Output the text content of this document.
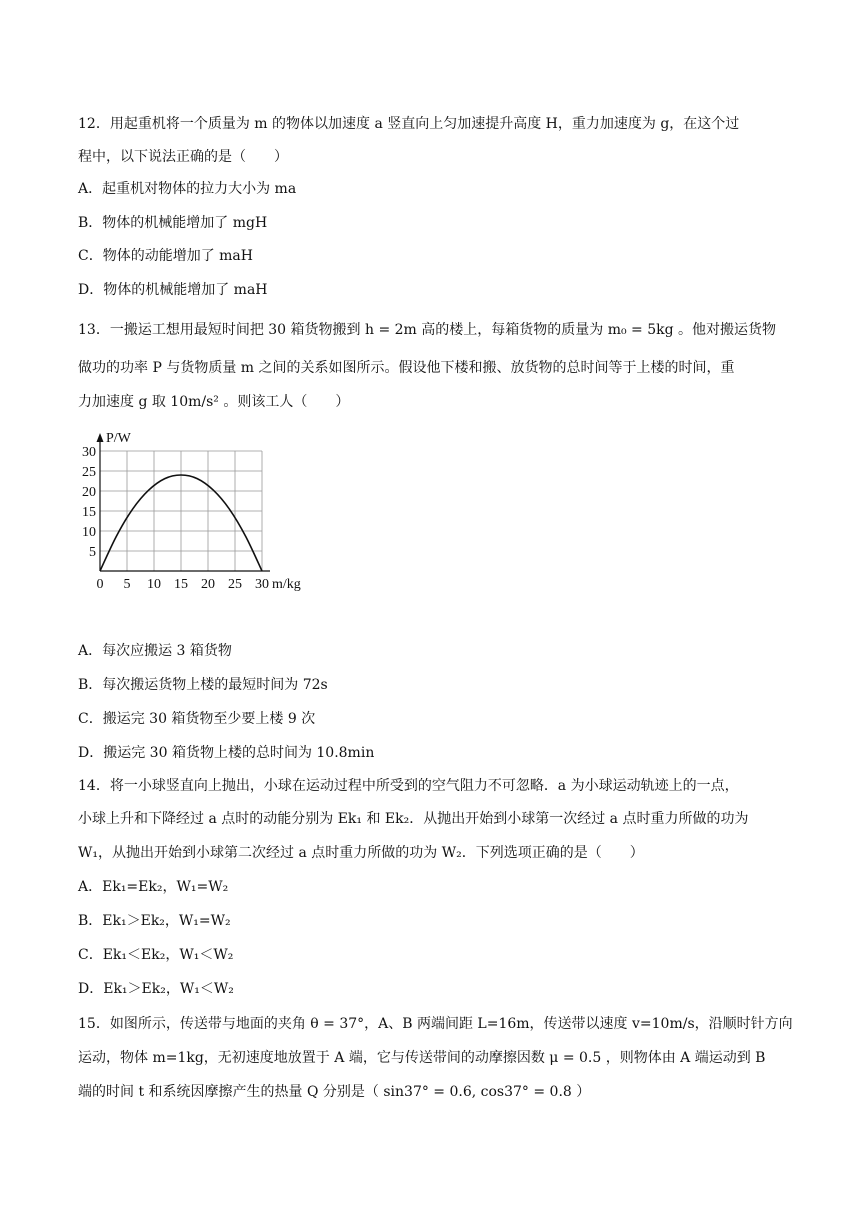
12．用起重机将一个质量为 m 的物体以加速度 a 竖直向上匀加速提升高度 H，重力加速度为 g，在这个过
程中，以下说法正确的是（　　）
A．起重机对物体的拉力大小为 ma
B．物体的机械能增加了 mgH
C．物体的动能增加了 maH
D．物体的机械能增加了 maH
13．一搬运工想用最短时间把 30 箱货物搬到 h = 2m 高的楼上，每箱货物的质量为 m₀ = 5kg 。他对搬运货物
做功的功率 P 与货物质量 m 之间的关系如图所示。假设他下楼和搬、放货物的总时间等于上楼的时间，重
力加速度 g 取 10m/s² 。则该工人（　　）
0 5 10 15 20 25 30
5
10
15
20
25
30
P/W
m/kg
A．每次应搬运 3 箱货物
B．每次搬运货物上楼的最短时间为 72s
C．搬运完 30 箱货物至少要上楼 9 次
D．搬运完 30 箱货物上楼的总时间为 10.8min
14．将一小球竖直向上抛出，小球在运动过程中所受到的空气阻力不可忽略．a 为小球运动轨迹上的一点，
小球上升和下降经过 a 点时的动能分别为 Ek₁ 和 Ek₂．从抛出开始到小球第一次经过 a 点时重力所做的功为
W₁，从抛出开始到小球第二次经过 a 点时重力所做的功为 W₂．下列选项正确的是（　　）
A．Ek₁=Ek₂，W₁=W₂
B．Ek₁＞Ek₂，W₁=W₂
C．Ek₁＜Ek₂，W₁＜W₂
D．Ek₁＞Ek₂，W₁＜W₂
15．如图所示，传送带与地面的夹角 θ = 37°，A、B 两端间距 L=16m，传送带以速度 v=10m/s，沿顺时针方向
运动，物体 m=1kg，无初速度地放置于 A 端，它与传送带间的动摩擦因数 μ = 0.5 ，则物体由 A 端运动到 B
端的时间 t 和系统因摩擦产生的热量 Q 分别是（ sin37° = 0.6, cos37° = 0.8 ）
